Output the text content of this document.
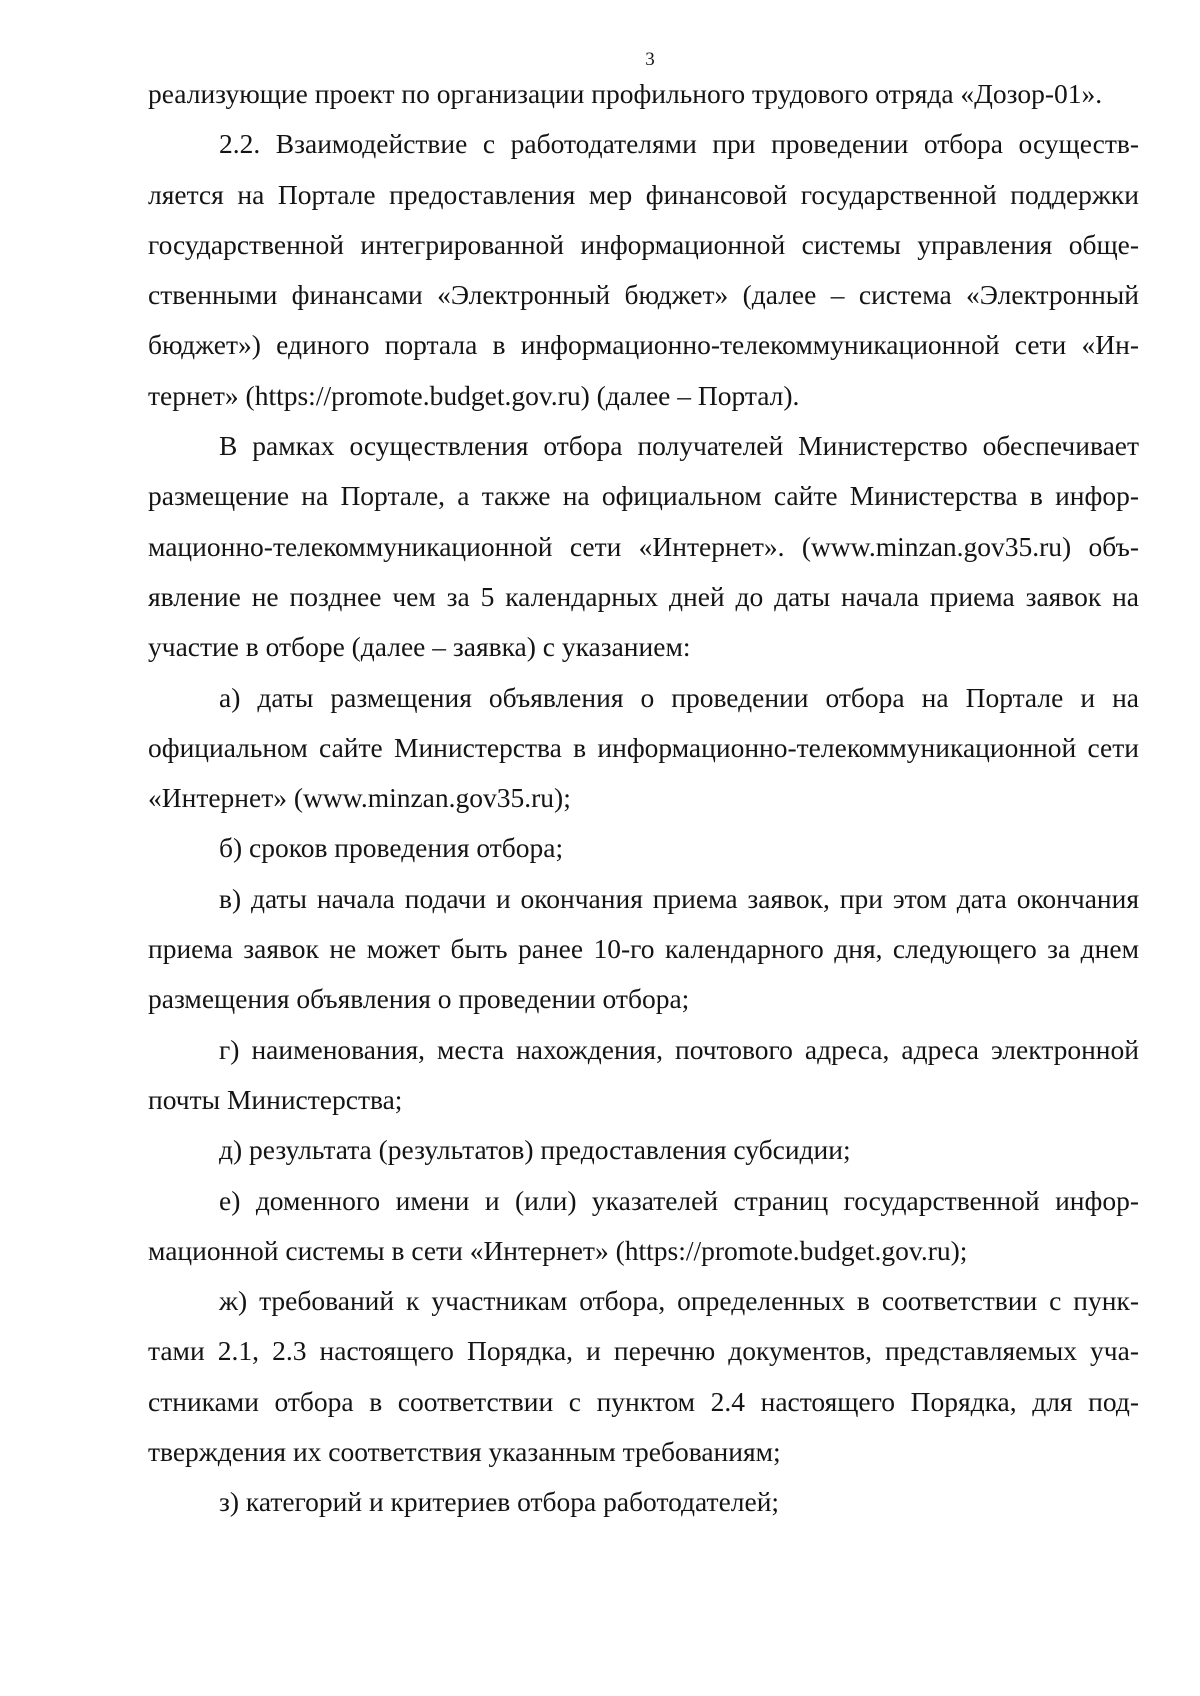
3

реализующие проект по организации профильного трудового отряда «Дозор-01».

2.2. Взаимодействие с работодателями при проведении отбора осуществляется на Портале предоставления мер финансовой государственной поддержки государственной интегрированной информационной системы управления общественными финансами «Электронный бюджет» (далее – система «Электронный бюджет») единого портала в информационно-телекоммуникационной сети «Интернет» (https://promote.budget.gov.ru) (далее – Портал).

В рамках осуществления отбора получателей Министерство обеспечивает размещение на Портале, а также на официальном сайте Министерства в информационно-телекоммуникационной сети «Интернет». (www.minzan.gov35.ru) объявление не позднее чем за 5 календарных дней до даты начала приема заявок на участие в отборе (далее – заявка) с указанием:

а) даты размещения объявления о проведении отбора на Портале и на официальном сайте Министерства в информационно-телекоммуникационной сети «Интернет» (www.minzan.gov35.ru);

б) сроков проведения отбора;

в) даты начала подачи и окончания приема заявок, при этом дата окончания приема заявок не может быть ранее 10-го календарного дня, следующего за днем размещения объявления о проведении отбора;

г) наименования, места нахождения, почтового адреса, адреса электронной почты Министерства;

д) результата (результатов) предоставления субсидии;

е) доменного имени и (или) указателей страниц государственной информационной системы в сети «Интернет» (https://promote.budget.gov.ru);

ж) требований к участникам отбора, определенных в соответствии с пунктами 2.1, 2.3 настоящего Порядка, и перечню документов, представляемых участниками отбора в соответствии с пунктом 2.4 настоящего Порядка, для подтверждения их соответствия указанным требованиям;

з) категорий и критериев отбора работодателей;
